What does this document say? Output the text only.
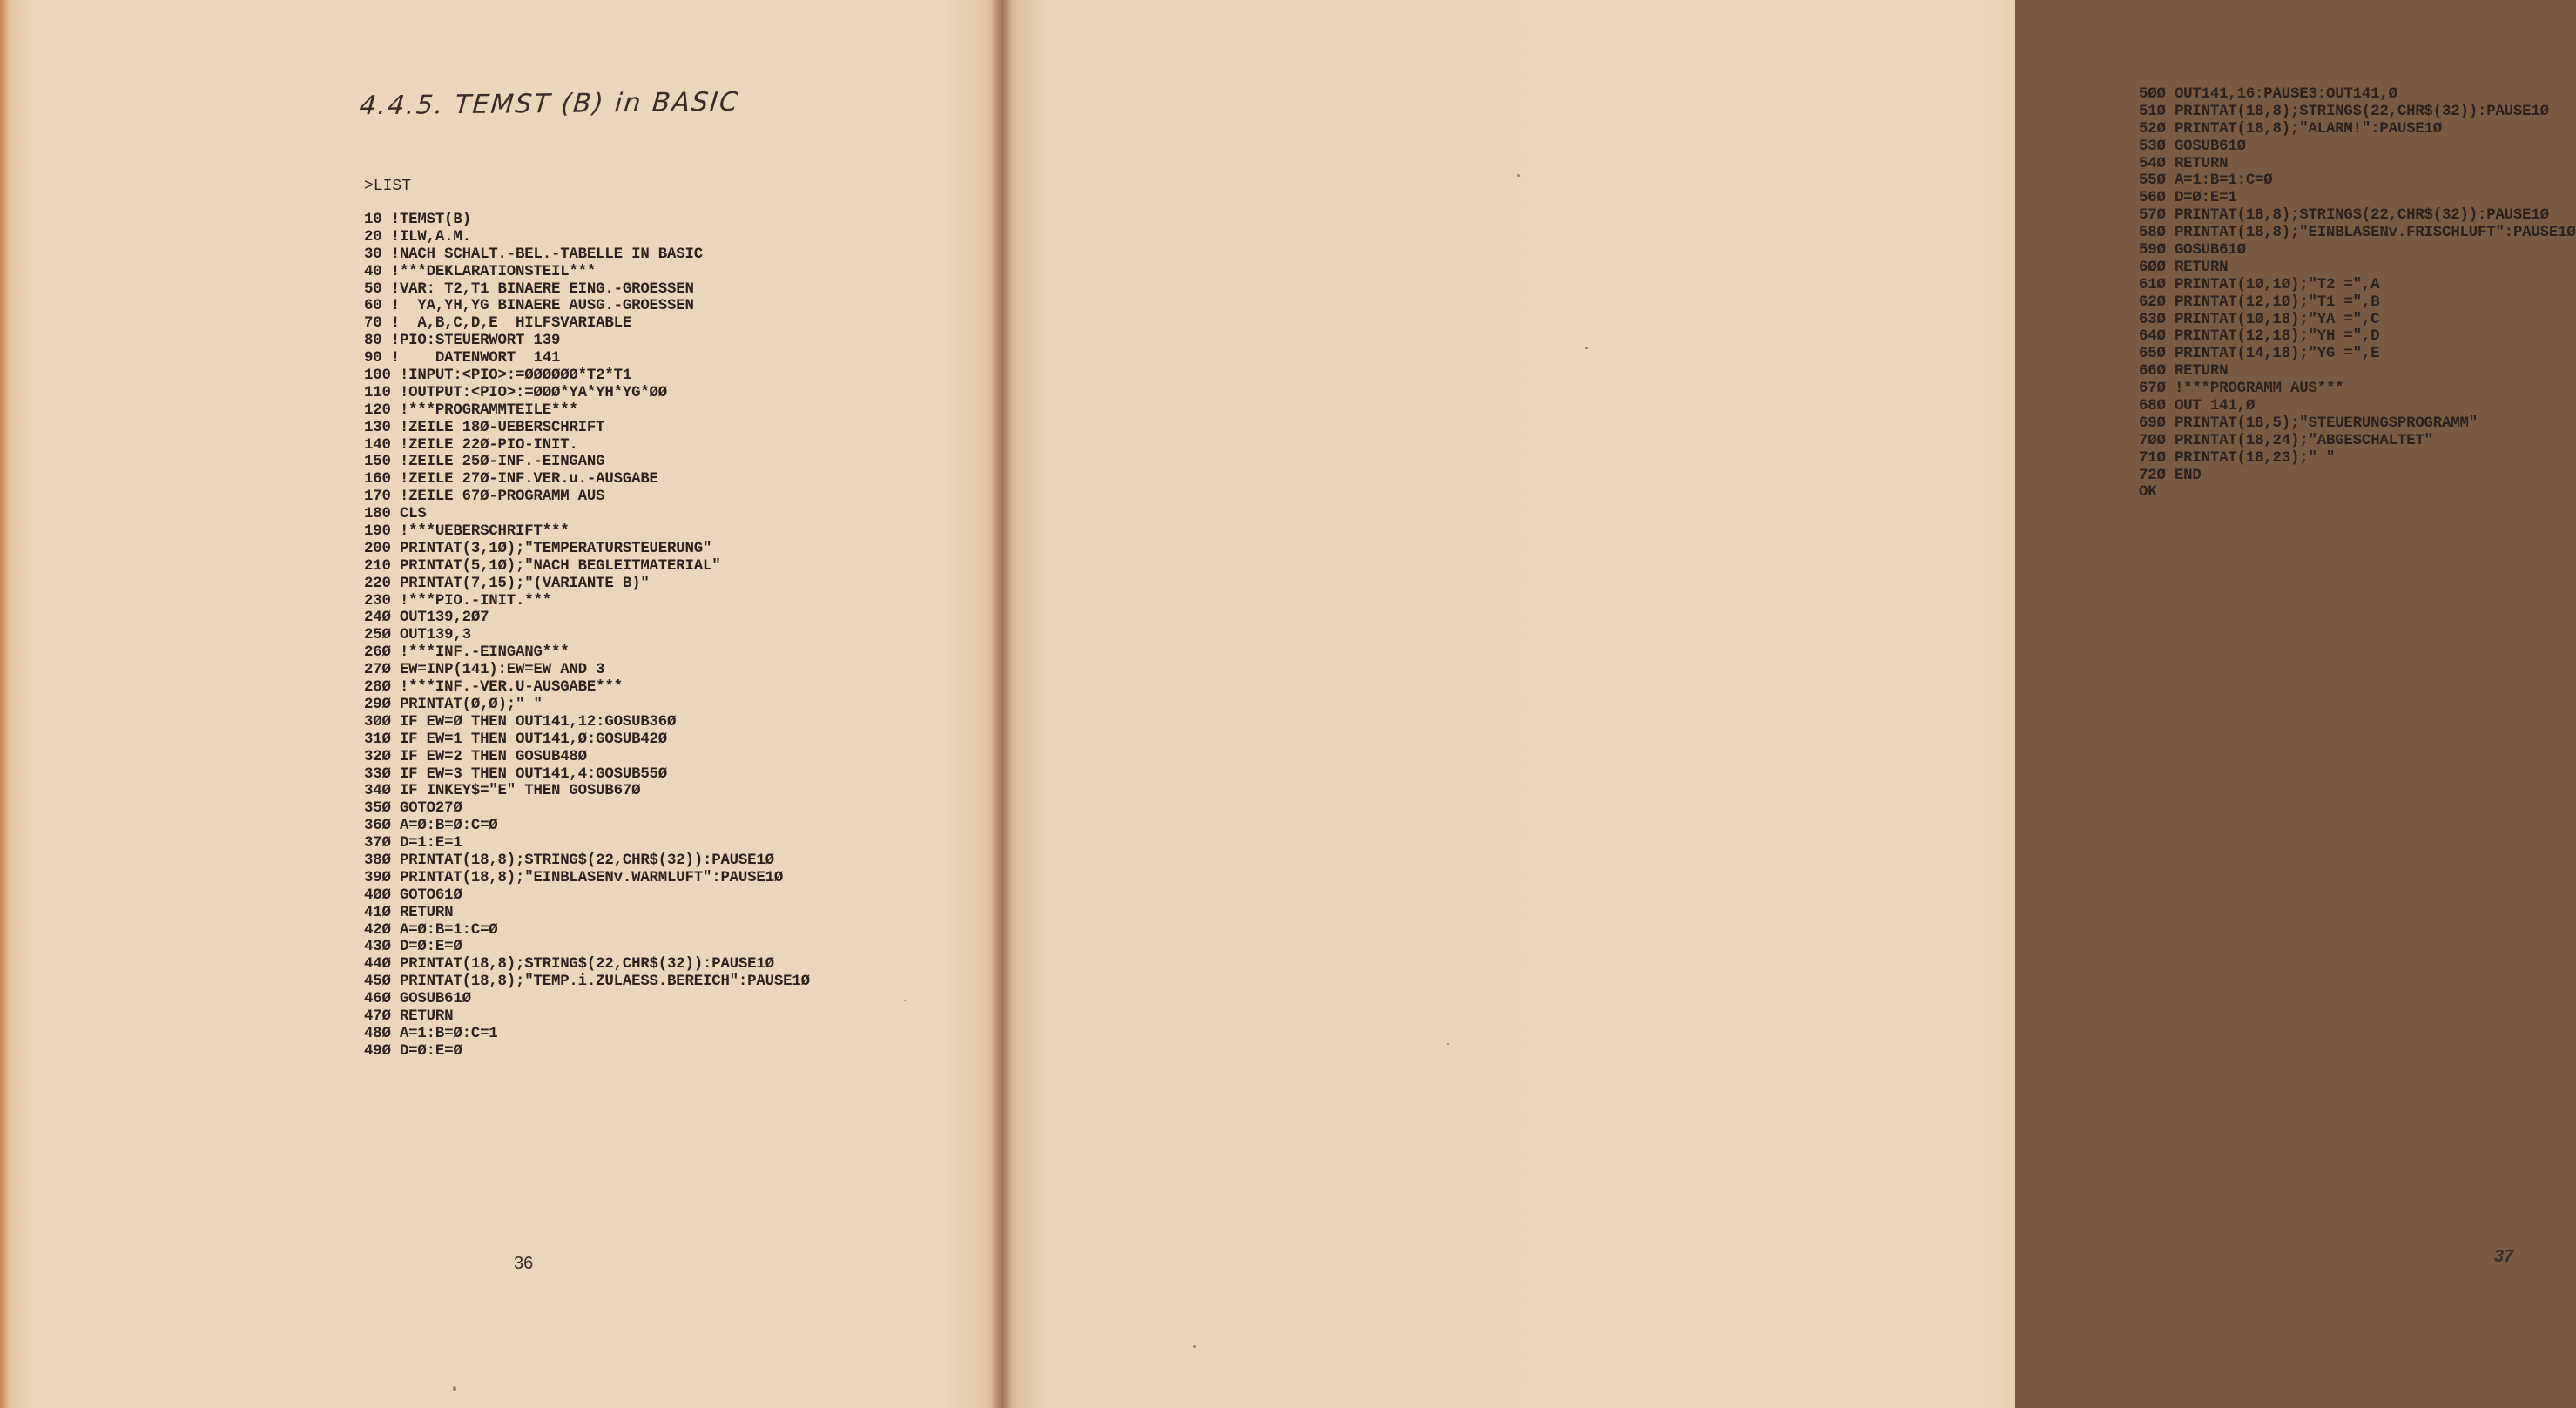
4.4.5. TEMST (B) in BASIC
>LIST
10 !TEMST(B)
20 !ILW,A.M.
30 !NACH SCHALT.-BEL.-TABELLE IN BASIC
40 !***DEKLARATIONSTEIL***
50 !VAR: T2,T1 BINAERE EING.-GROESSEN
60 !  YA,YH,YG BINAERE AUSG.-GROESSEN
70 !  A,B,C,D,E  HILFSVARIABLE
80 !PIO:STEUERWORT 139
90 !    DATENWORT  141
100 !INPUT:<PIO>:=ØØØØØØ*T2*T1
110 !OUTPUT:<PIO>:=ØØØ*YA*YH*YG*ØØ
120 !***PROGRAMMTEILE***
130 !ZEILE 18Ø-UEBERSCHRIFT
140 !ZEILE 22Ø-PIO-INIT.
150 !ZEILE 25Ø-INF.-EINGANG
160 !ZEILE 27Ø-INF.VER.u.-AUSGABE
170 !ZEILE 67Ø-PROGRAMM AUS
180 CLS
190 !***UEBERSCHRIFT***
200 PRINTAT(3,1Ø);"TEMPERATURSTEUERUNG"
210 PRINTAT(5,1Ø);"NACH BEGLEITMATERIAL"
220 PRINTAT(7,15);"(VARIANTE B)"
230 !***PIO.-INIT.***
24Ø OUT139,2Ø7
25Ø OUT139,3
26Ø !***INF.-EINGANG***
27Ø EW=INP(141):EW=EW AND 3
28Ø !***INF.-VER.U-AUSGABE***
29Ø PRINTAT(Ø,Ø);" "
3ØØ IF EW=Ø THEN OUT141,12:GOSUB36Ø
31Ø IF EW=1 THEN OUT141,Ø:GOSUB42Ø
32Ø IF EW=2 THEN GOSUB48Ø
33Ø IF EW=3 THEN OUT141,4:GOSUB55Ø
34Ø IF INKEY$="E" THEN GOSUB67Ø
35Ø GOTO27Ø
36Ø A=Ø:B=Ø:C=Ø
37Ø D=1:E=1
38Ø PRINTAT(18,8);STRING$(22,CHR$(32)):PAUSE1Ø
39Ø PRINTAT(18,8);"EINBLASENv.WARMLUFT":PAUSE1Ø
4ØØ GOTO61Ø
41Ø RETURN
42Ø A=Ø:B=1:C=Ø
43Ø D=Ø:E=Ø
44Ø PRINTAT(18,8);STRING$(22,CHR$(32)):PAUSE1Ø
45Ø PRINTAT(18,8);"TEMP.i.ZULAESS.BEREICH":PAUSE1Ø
46Ø GOSUB61Ø
47Ø RETURN
48Ø A=1:B=Ø:C=1
49Ø D=Ø:E=Ø
36
5ØØ OUT141,16:PAUSE3:OUT141,Ø
51Ø PRINTAT(18,8);STRING$(22,CHR$(32)):PAUSE1Ø
52Ø PRINTAT(18,8);"ALARM!":PAUSE1Ø
53Ø GOSUB61Ø
54Ø RETURN
55Ø A=1:B=1:C=Ø
56Ø D=Ø:E=1
57Ø PRINTAT(18,8);STRING$(22,CHR$(32)):PAUSE1Ø
58Ø PRINTAT(18,8);"EINBLASENv.FRISCHLUFT":PAUSE1Ø
59Ø GOSUB61Ø
6ØØ RETURN
61Ø PRINTAT(1Ø,1Ø);"T2 =",A
62Ø PRINTAT(12,1Ø);"T1 =",B
63Ø PRINTAT(1Ø,18);"YA =",C
64Ø PRINTAT(12,18);"YH =",D
65Ø PRINTAT(14,18);"YG =",E
66Ø RETURN
67Ø !***PROGRAMM AUS***
68Ø OUT 141,Ø
69Ø PRINTAT(18,5);"STEUERUNGSPROGRAMM"
7ØØ PRINTAT(18,24);"ABGESCHALTET"
71Ø PRINTAT(18,23);" "
72Ø END
OK
37
